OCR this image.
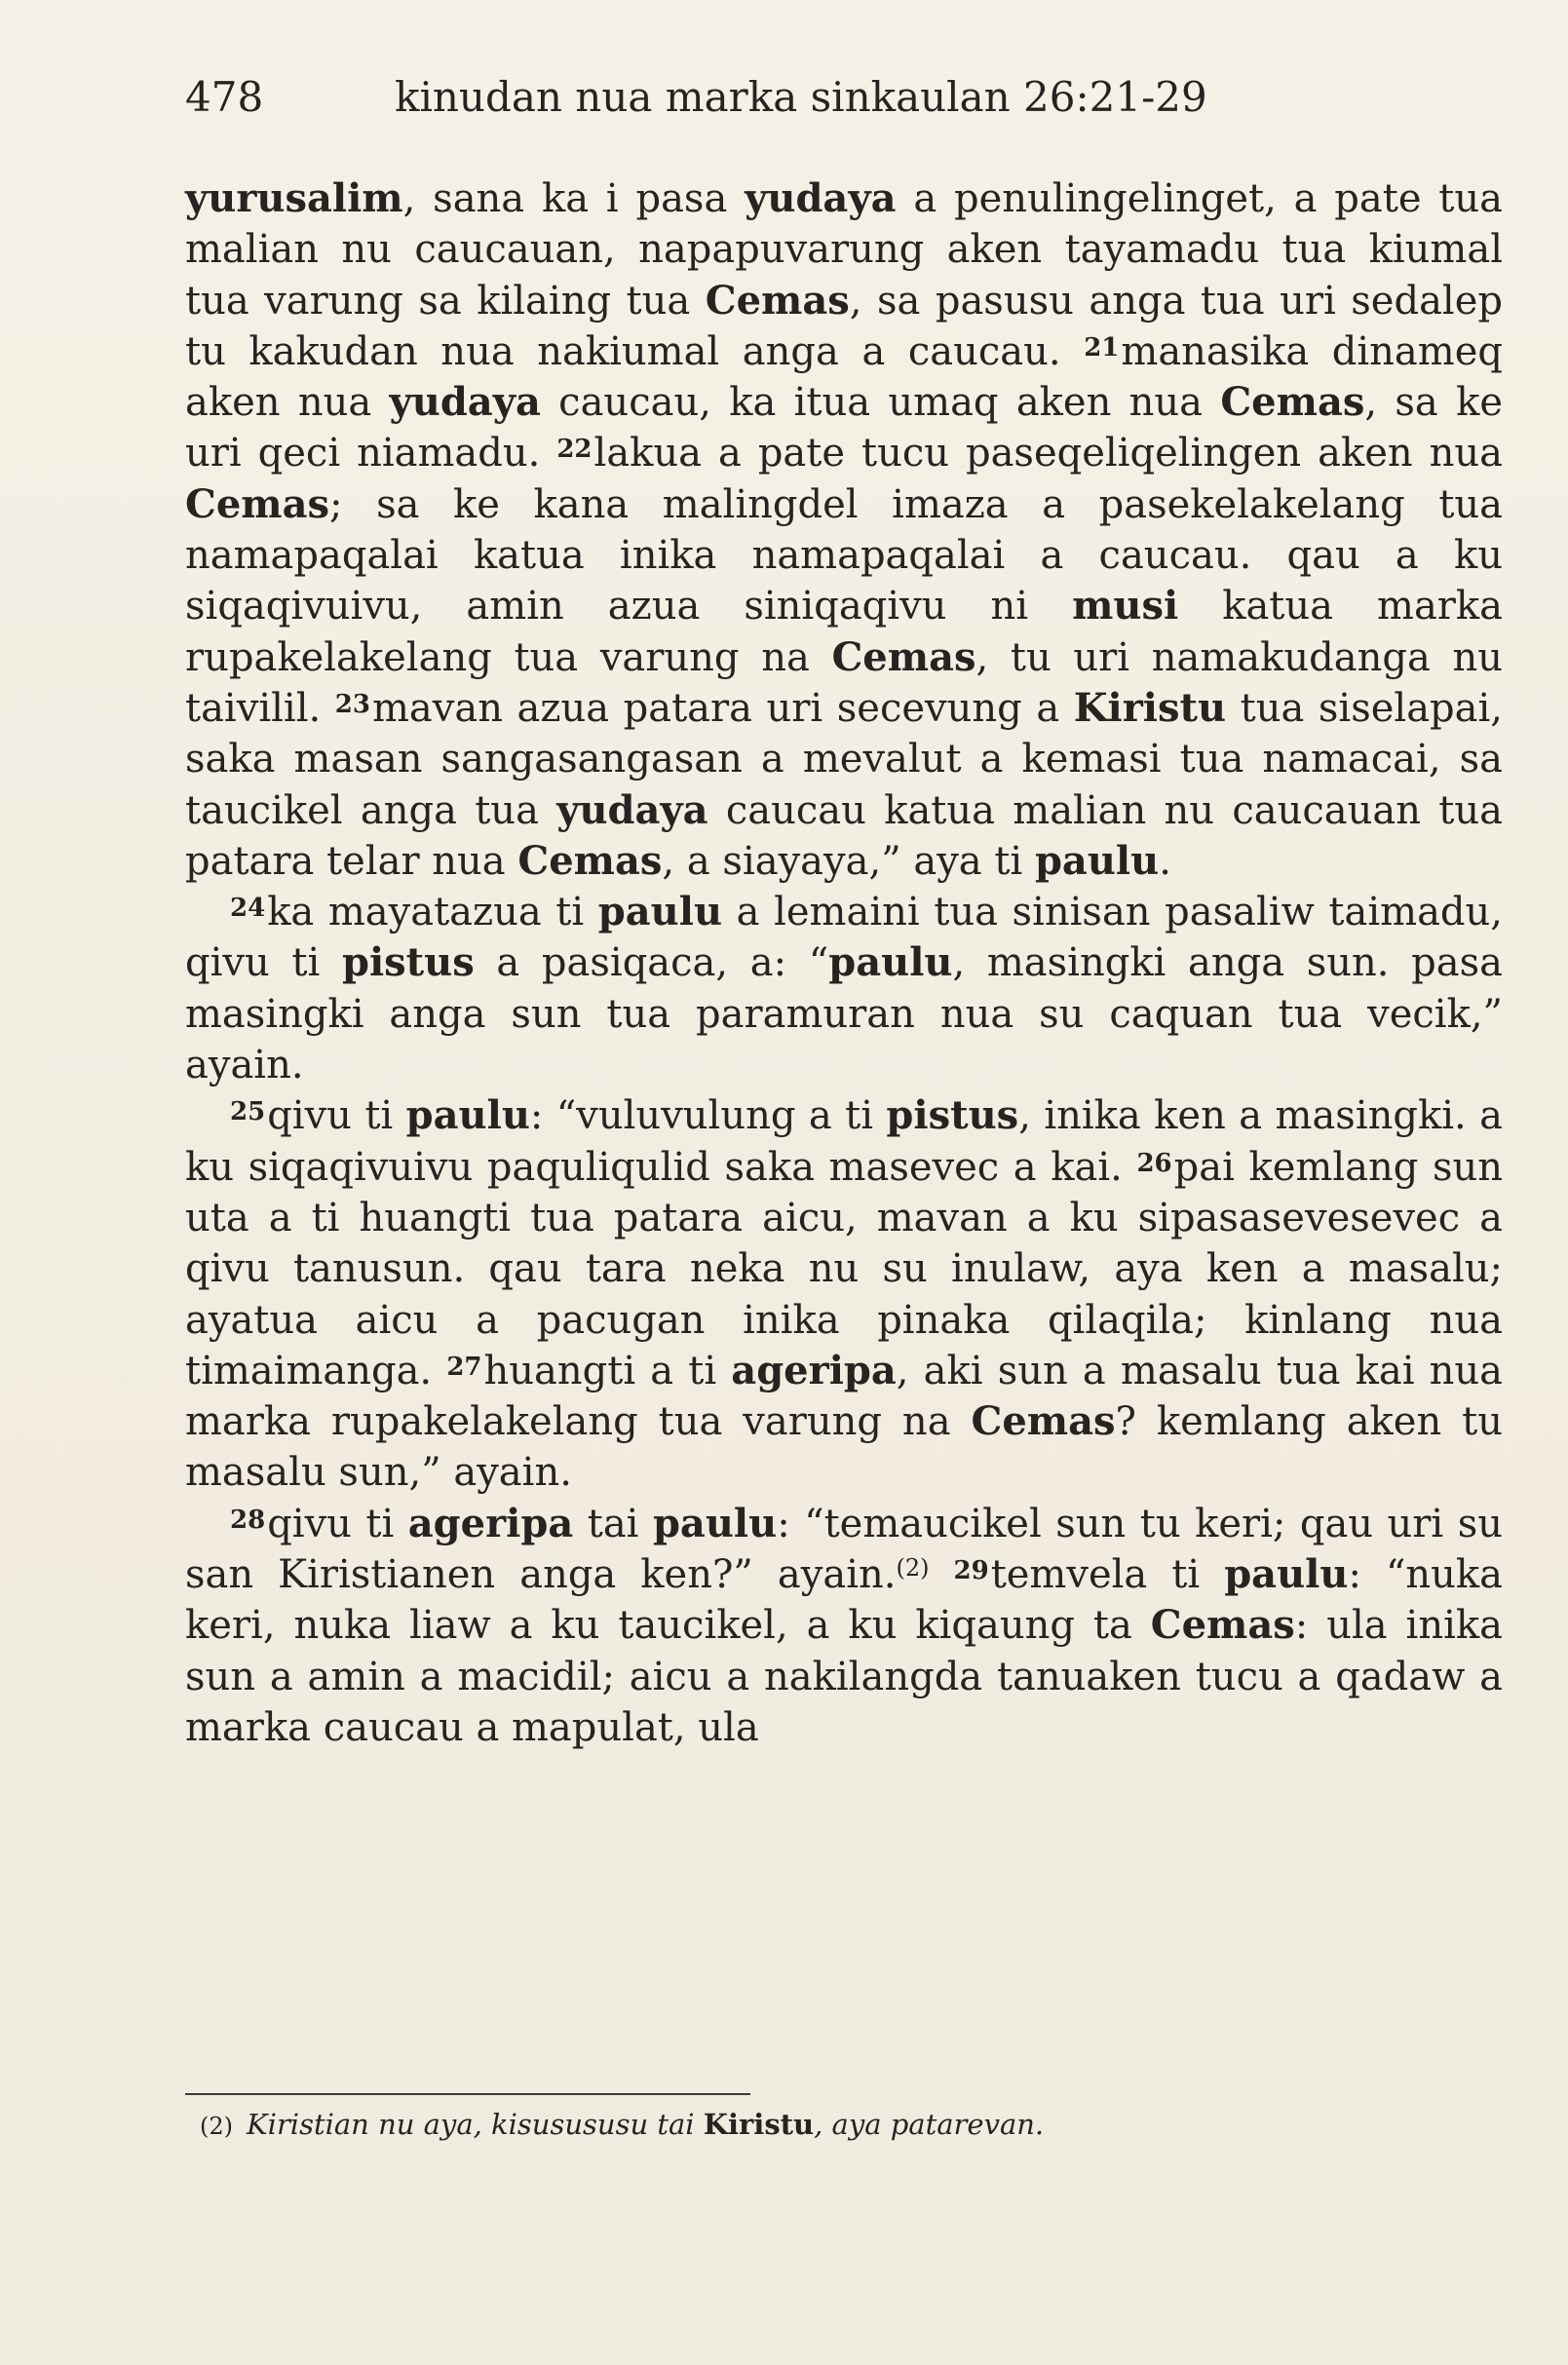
478	kinudan nua marka sinkaulan 26:21-29

yurusalim, sana ka i pasa yudaya a penulingelinget, a pate tua malian nu caucauan, napapuvarung aken tayamadu tua kiumal tua varung sa kilaing tua Cemas, sa pasusu anga tua uri sedalep tu kakudan nua nakiumal anga a caucau. $^{21}$manasika dinameq aken nua yudaya caucau, ka itua umaq aken nua Cemas, sa ke uri qeci niamadu. $^{22}$lakua a pate tucu paseqeliqelingen aken nua Cemas; sa ke kana malingdel imaza a pasekelakelang tua namapaqalai katua inika namapaqalai a caucau. qau a ku siqaqivuivu, amin azua siniqaqivu ni musi katua marka rupakelakelang tua varung na Cemas, tu uri namakudanga nu taivilil. $^{23}$mavan azua patara uri secevung a Kiristu tua siselapai, saka masan sangasangasan a mevalut a kemasi tua namacai, sa taucikel anga tua yudaya caucau katua malian nu caucauan tua patara telar nua Cemas, a siayaya,” aya ti paulu.

$^{24}$ka mayatazua ti paulu a lemaini tua sinisan pasaliw taimadu, qivu ti pistus a pasiqaca, a: “paulu, masingki anga sun. pasa masingki anga sun tua paramuran nua su caquan tua vecik,” ayain.

$^{25}$qivu ti paulu: “vuluvulung a ti pistus, inika ken a masingki. a ku siqaqivuivu paquliqulid saka masevec a kai. $^{26}$pai kemlang sun uta a ti huangti tua patara aicu, mavan a ku sipasasevesevec a qivu tanusun. qau tara neka nu su inulaw, aya ken a masalu; ayatua aicu a pacugan inika pinaka qilaqila; kinlang nua timaimanga. $^{27}$huangti a ti ageripa, aki sun a masalu tua kai nua marka rupakelakelang tua varung na Cemas? kemlang aken tu masalu sun,” ayain.

$^{28}$qivu ti ageripa tai paulu: “temaucikel sun tu keri; qau uri su san Kiristianen anga ken?” ayain.$^{(2)}$ $^{29}$temvela ti paulu: “nuka keri, nuka liaw a ku taucikel, a ku kiqaung ta Cemas: ula inika sun a amin a macidil; aicu a nakilangda tanuaken tucu a qadaw a marka caucau a mapulat, ula

(2) Kiristian nu aya, kisusususu tai Kiristu, aya patarevan.
